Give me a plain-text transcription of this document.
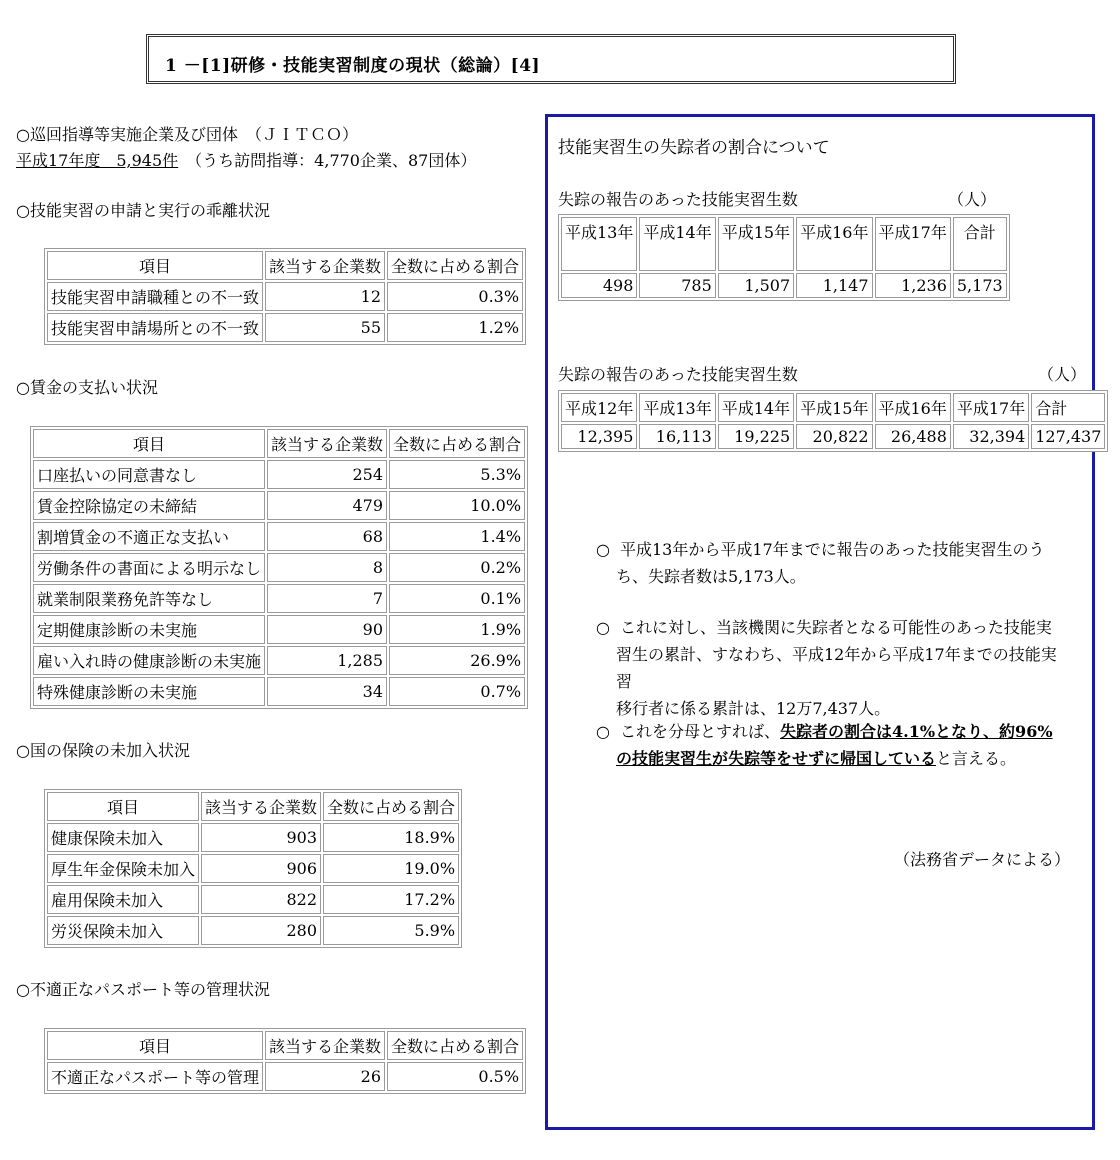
1 －[1]研修・技能実習制度の現状（総論）[4]
○巡回指導等実施企業及び団体　（ＪＩＴＣＯ）
平成17年度　5,945件　（うち訪問指導：4,770企業、87団体）
○技能実習の申請と実行の乖離状況
項目	該当する企業数	全数に占める割合
技能実習申請職種との不一致	12	0.3%
技能実習申請場所との不一致	55	1.2%
○賃金の支払い状況
項目	該当する企業数	全数に占める割合
口座払いの同意書なし	254	5.3%
賃金控除協定の未締結	479	10.0%
割増賃金の不適正な支払い	68	1.4%
労働条件の書面による明示なし	8	0.2%
就業制限業務免許等なし	7	0.1%
定期健康診断の未実施	90	1.9%
雇い入れ時の健康診断の未実施	1,285	26.9%
特殊健康診断の未実施	34	0.7%
○国の保険の未加入状況
項目	該当する企業数	全数に占める割合
健康保険未加入	903	18.9%
厚生年金保険未加入	906	19.0%
雇用保険未加入	822	17.2%
労災保険未加入	280	5.9%
○不適正なパスポート等の管理状況
項目	該当する企業数	全数に占める割合
不適正なパスポート等の管理	26	0.5%
技能実習生の失踪者の割合について
失踪の報告のあった技能実習生数	（人）
平成13年	平成14年	平成15年	平成16年	平成17年	合計
498	785	1,507	1,147	1,236	5,173
失踪の報告のあった技能実習生数	（人）
平成12年	平成13年	平成14年	平成15年	平成16年	平成17年	合計
12,395	16,113	19,225	20,822	26,488	32,394	127,437
○ 平成13年から平成17年までに報告のあった技能実習生のう
ち、失踪者数は5,173人。
○ これに対し、当該機関に失踪者となる可能性のあった技能実
習生の累計、すなわち、平成12年から平成17年までの技能実習
移行者に係る累計は、12万7,437人。
○ これを分母とすれば、失踪者の割合は4.1%となり、約96%
の技能実習生が失踪等をせずに帰国していると言える。
（法務省データによる）
